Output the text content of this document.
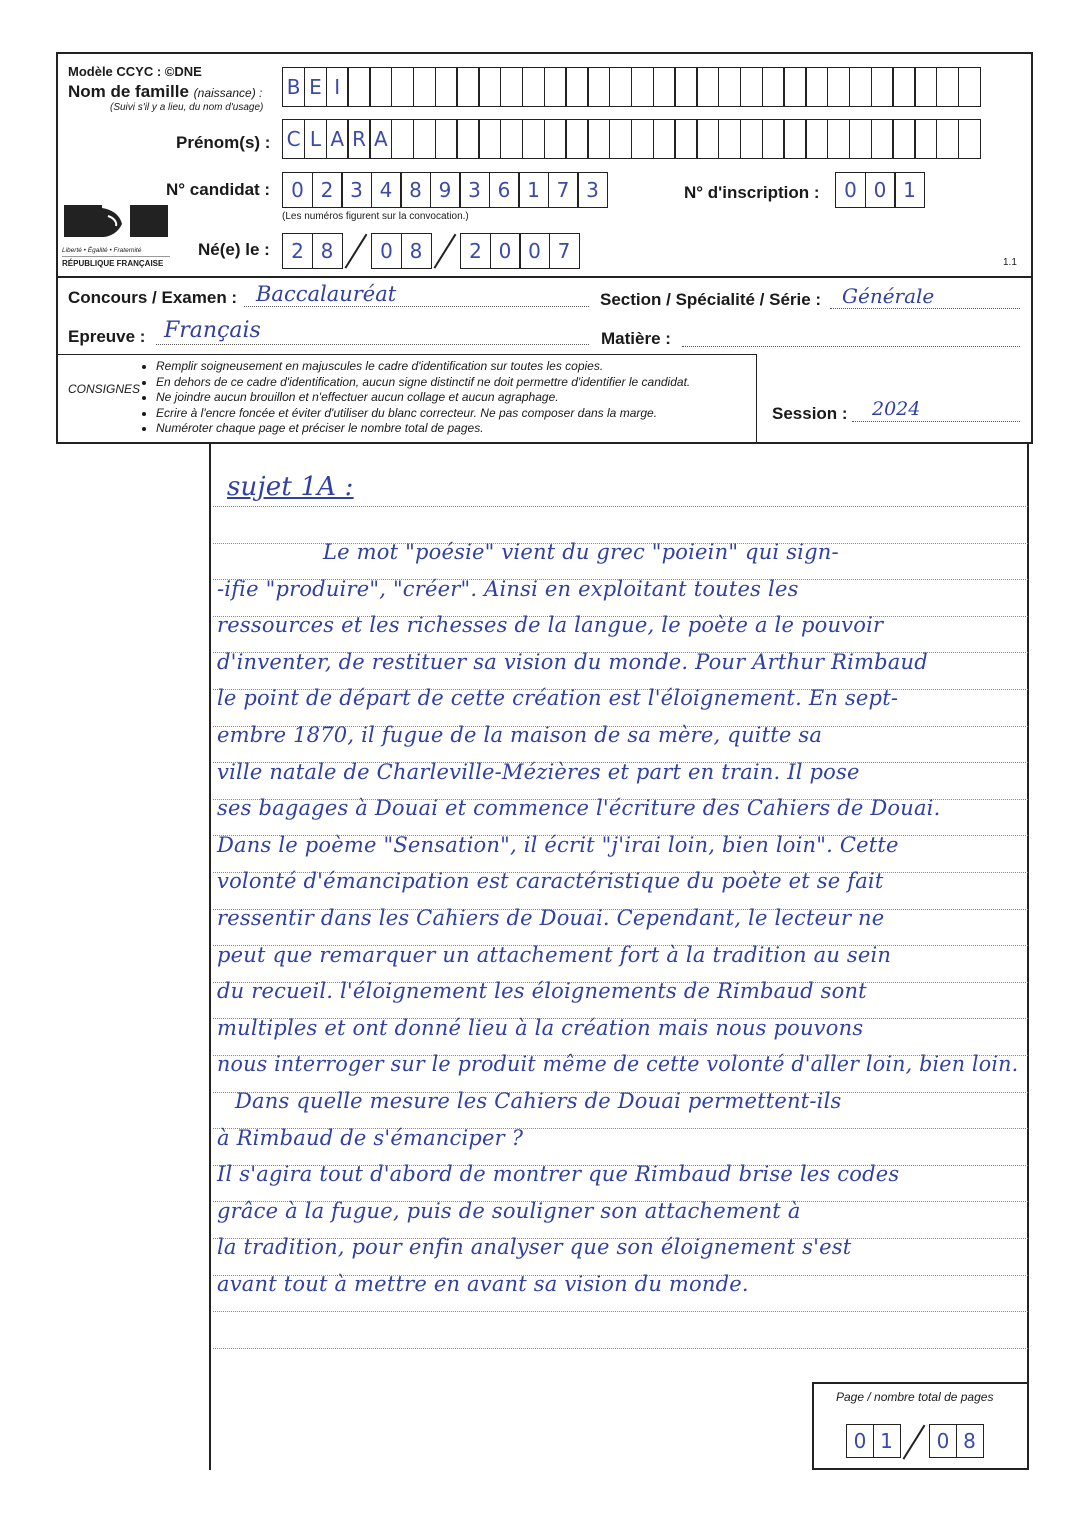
Modèle CCYC : ©DNE
Nom de famille (naissance) :
(Suivi s'il y a lieu, du nom d'usage)
B E I
Prénom(s) : C L A R A
N° candidat :	0 2 3 4 8 9 3 6 1 7 3
(Les numéros figurent sur la convocation.)
N° d'inscription :	0 0 1
Liberté • Égalité • Fraternité
RÉPUBLIQUE FRANÇAISE
Né(e) le :	2 8	0 8	2 0 0 7	1.1
Concours / Examen : Baccalauréat	Section / Spécialité / Série : Générale
Epreuve : Français	Matière :
CONSIGNES
• Remplir soigneusement en majuscules le cadre d'identification sur toutes les copies.
• En dehors de ce cadre d'identification, aucun signe distinctif ne doit permettre d'identifier le candidat.
• Ne joindre aucun brouillon et n'effectuer aucun collage et aucun agraphage.
• Ecrire à l'encre foncée et éviter d'utiliser du blanc correcteur. Ne pas composer dans la marge.
• Numéroter chaque page et préciser le nombre total de pages.
Session : 2024
sujet 1A :
Le mot "poésie" vient du grec "poiein" qui sign-
-ifie "produire", "créer". Ainsi en exploitant toutes les
ressources et les richesses de la langue, le poète a le pouvoir
d'inventer, de restituer sa vision du monde. Pour Arthur Rimbaud
le point de départ de cette création est l'éloignement. En sept-
embre 1870, il fugue de la maison de sa mère, quitte sa
ville natale de Charleville-Mézières et part en train. Il pose
ses bagages à Douai et commence l'écriture des Cahiers de Douai.
Dans le poème "Sensation", il écrit "j'irai loin, bien loin". Cette
volonté d'émancipation est caractéristique du poète et se fait
ressentir dans les Cahiers de Douai. Cependant, le lecteur ne
peut que remarquer un attachement fort à la tradition au sein
du recueil. l'éloignement les éloignements de Rimbaud sont
multiples et ont donné lieu à la création mais nous pouvons
nous interroger sur le produit même de cette volonté d'aller loin, bien loin.
Dans quelle mesure les Cahiers de Douai permettent-ils
à Rimbaud de s'émanciper ?
Il s'agira tout d'abord de montrer que Rimbaud brise les codes
grâce à la fugue, puis de souligner son attachement à
la tradition, pour enfin analyser que son éloignement s'est
avant tout à mettre en avant sa vision du monde.
Page / nombre total de pages
0 1	0 8
